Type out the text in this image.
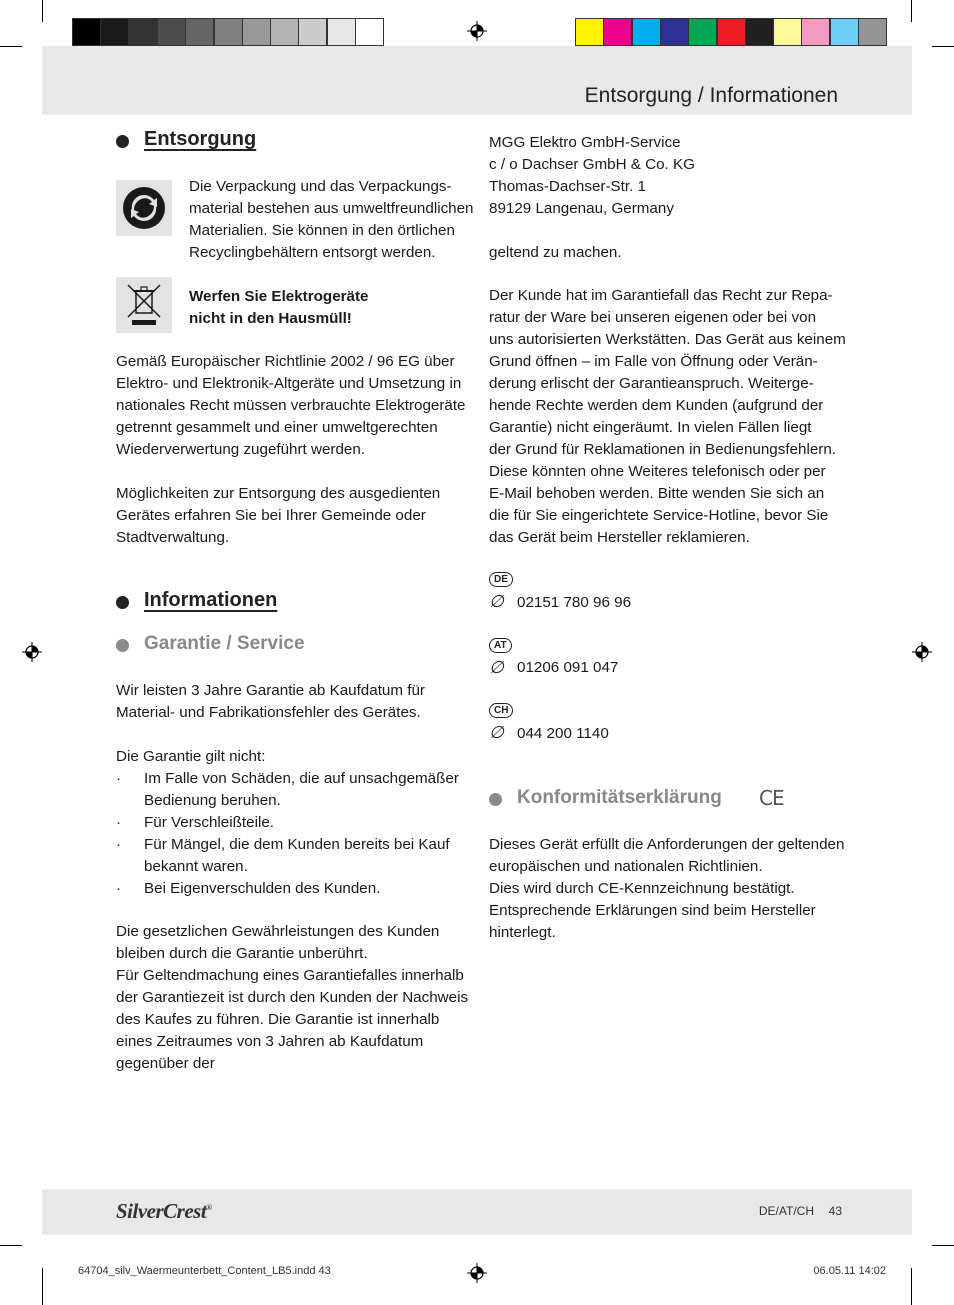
Entsorgung / Informationen
Entsorgung

Die Verpackung und das Verpackungs-

material bestehen aus umweltfreundlichen

Materialien. Sie können in den örtlichen

Recyclingbehältern entsorgt werden.

Werfen Sie Elektrogeräte

nicht in den Hausmüll!

Gemäß Europäischer Richtlinie 2002 / 96 EG über

Elektro- und Elektronik-Altgeräte und Umsetzung in

nationales Recht müssen verbrauchte Elektrogeräte

getrennt gesammelt und einer umweltgerechten

Wiederverwertung zugeführt werden.

Möglichkeiten zur Entsorgung des ausgedienten

Gerätes erfahren Sie bei Ihrer Gemeinde oder

Stadtverwaltung.

Informationen
Garantie / Service

Wir leisten 3 Jahre Garantie ab Kaufdatum für

Material- und Fabrikationsfehler des Gerätes.

Die Garantie gilt nicht:

· Im Falle von Schäden, die auf unsachgemäßer

Bedienung beruhen.

· Für Verschleißteile.

· Für Mängel, die dem Kunden bereits bei Kauf

bekannt waren.

· Bei Eigenverschulden des Kunden.

Die gesetzlichen Gewährleistungen des Kunden

bleiben durch die Garantie unberührt.

Für Geltendmachung eines Garantiefalles innerhalb

der Garantiezeit ist durch den Kunden der Nachweis

des Kaufes zu führen. Die Garantie ist innerhalb

eines Zeitraumes von 3 Jahren ab Kaufdatum

gegenüber der

MGG Elektro GmbH-Service

c / o Dachser GmbH & Co. KG

Thomas-Dachser-Str. 1

89129 Langenau, Germany

geltend zu machen.

Der Kunde hat im Garantiefall das Recht zur Repa-

ratur der Ware bei unseren eigenen oder bei von

uns autorisierten Werkstätten. Das Gerät aus keinem

Grund öffnen – im Falle von Öffnung oder Verän-

derung erlischt der Garantieanspruch. Weiterge-

hende Rechte werden dem Kunden (aufgrund der

Garantie) nicht eingeräumt. In vielen Fällen liegt

der Grund für Reklamationen in Bedienungsfehlern.

Diese könnten ohne Weiteres telefonisch oder per

E-Mail behoben werden. Bitte wenden Sie sich an

die für Sie eingerichtete Service-Hotline, bevor Sie

das Gerät beim Hersteller reklamieren.

DE
∅ 02151 780 96 96
AT
∅ 01206 091 047
CH
∅ 044 200 1140
Konformitätserklärung CE

Dieses Gerät erfüllt die Anforderungen der geltenden

europäischen und nationalen Richtlinien.

Dies wird durch CE-Kennzeichnung bestätigt.

Entsprechende Erklärungen sind beim Hersteller

hinterlegt.

SilverCrest®	DE/AT/CH 43
64704_silv_Waermeunterbett_Content_LB5.indd 43	06.05.11 14:02
